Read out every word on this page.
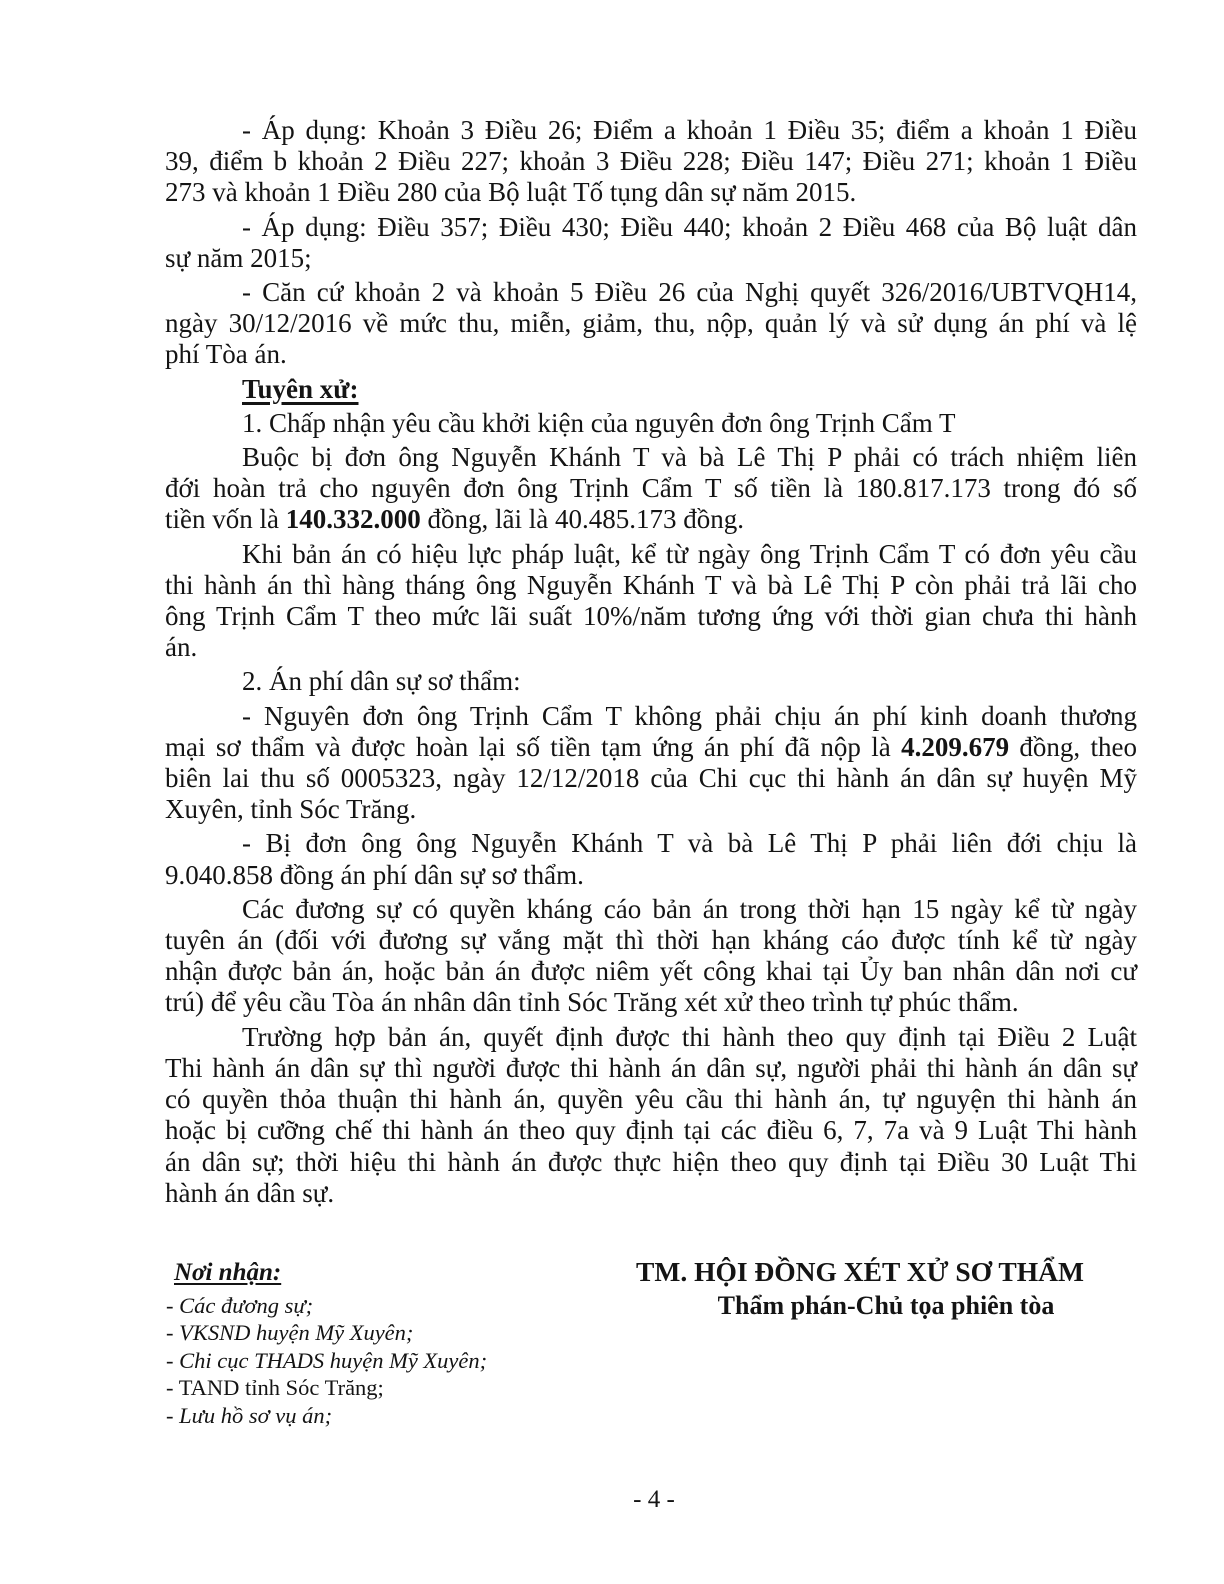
- Áp dụng: Khoản 3 Điều 26; Điểm a khoản 1 Điều 35; điểm a khoản 1 Điều
39, điểm b khoản 2 Điều 227; khoản 3 Điều 228; Điều 147; Điều 271; khoản 1 Điều
273 và khoản 1 Điều 280 của Bộ luật Tố tụng dân sự năm 2015.
- Áp dụng: Điều 357; Điều 430; Điều 440; khoản 2 Điều 468 của Bộ luật dân
sự năm 2015;
- Căn cứ khoản 2 và khoản 5 Điều 26 của Nghị quyết 326/2016/UBTVQH14,
ngày 30/12/2016 về mức thu, miễn, giảm, thu, nộp, quản lý và sử dụng án phí và lệ
phí Tòa án.
Tuyên xử:
1. Chấp nhận yêu cầu khởi kiện của nguyên đơn ông Trịnh Cẩm T
Buộc bị đơn ông Nguyễn Khánh T và bà Lê Thị P phải có trách nhiệm liên
đới hoàn trả cho nguyên đơn ông Trịnh Cẩm T số tiền là 180.817.173 trong đó số
tiền vốn là 140.332.000 đồng, lãi là 40.485.173 đồng.
Khi bản án có hiệu lực pháp luật, kể từ ngày ông Trịnh Cẩm T có đơn yêu cầu
thi hành án thì hàng tháng ông Nguyễn Khánh T và bà Lê Thị P còn phải trả lãi cho
ông Trịnh Cẩm T theo mức lãi suất 10%/năm tương ứng với thời gian chưa thi hành
án.
2. Án phí dân sự sơ thẩm:
- Nguyên đơn ông Trịnh Cẩm T không phải chịu án phí kinh doanh thương
mại sơ thẩm và được hoàn lại số tiền tạm ứng án phí đã nộp là 4.209.679 đồng, theo
biên lai thu số 0005323, ngày 12/12/2018 của Chi cục thi hành án dân sự huyện Mỹ
Xuyên, tỉnh Sóc Trăng.
- Bị đơn ông ông Nguyễn Khánh T và bà Lê Thị P phải liên đới chịu là
9.040.858 đồng án phí dân sự sơ thẩm.
Các đương sự có quyền kháng cáo bản án trong thời hạn 15 ngày kể từ ngày
tuyên án (đối với đương sự vắng mặt thì thời hạn kháng cáo được tính kể từ ngày
nhận được bản án, hoặc bản án được niêm yết công khai tại Ủy ban nhân dân nơi cư
trú) để yêu cầu Tòa án nhân dân tỉnh Sóc Trăng xét xử theo trình tự phúc thẩm.
Trường hợp bản án, quyết định được thi hành theo quy định tại Điều 2 Luật
Thi hành án dân sự thì người được thi hành án dân sự, người phải thi hành án dân sự
có quyền thỏa thuận thi hành án, quyền yêu cầu thi hành án, tự nguyện thi hành án
hoặc bị cưỡng chế thi hành án theo quy định tại các điều 6, 7, 7a và 9 Luật Thi hành
án dân sự; thời hiệu thi hành án được thực hiện theo quy định tại Điều 30 Luật Thi
hành án dân sự.
Nơi nhận:
- Các đương sự;
- VKSND huyện Mỹ Xuyên;
- Chi cục THADS huyện Mỹ Xuyên;
- TAND tỉnh Sóc Trăng;
- Lưu hồ sơ vụ án;
TM. HỘI ĐỒNG XÉT XỬ SƠ THẨM
Thẩm phán-Chủ tọa phiên tòa
- 4 -
